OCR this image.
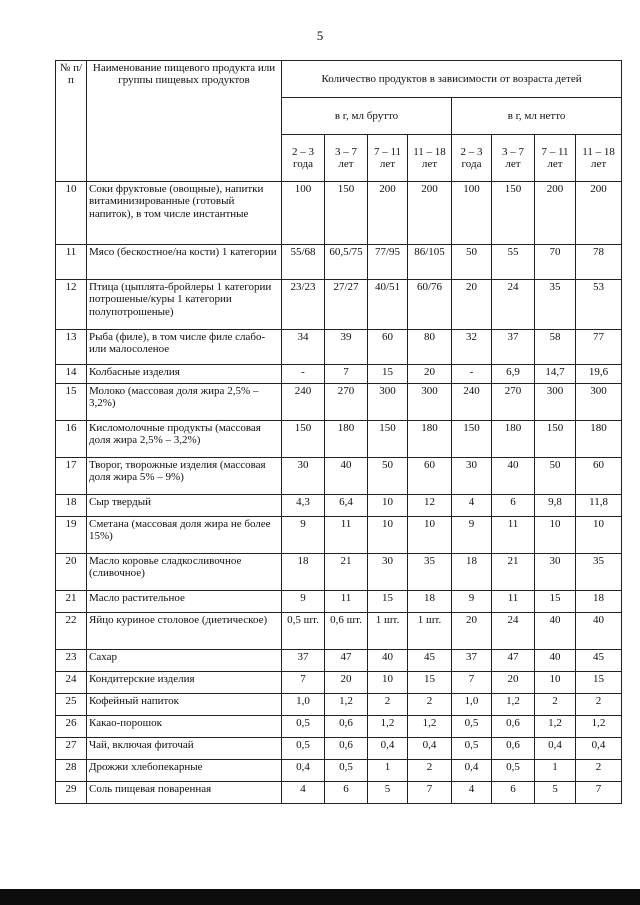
5
№ п/п	Наименование пищевого продукта или группы пищевых продуктов	Количество продуктов в зависимости от возраста детей							
		в г, мл брутто				в г, мл нетто			
		2 – 3 года	3 – 7 лет	7 – 11 лет	11 – 18 лет	2 – 3 года	3 – 7 лет	7 – 11 лет	11 – 18 лет
10	Соки фруктовые (овощные), напитки витаминизированные (готовый напиток), в том числе инстантные	100	150	200	200	100	150	200	200
11	Мясо (бескостное/на кости) 1 категории	55/68	60,5/75	77/95	86/105	50	55	70	78
12	Птица (цыплята-бройлеры 1 категории потрошеные/куры 1 категории полупотрошеные)	23/23	27/27	40/51	60/76	20	24	35	53
13	Рыба (филе), в том числе филе слабо- или малосоленое	34	39	60	80	32	37	58	77
14	Колбасные изделия	-	7	15	20	-	6,9	14,7	19,6
15	Молоко (массовая доля жира 2,5% – 3,2%)	240	270	300	300	240	270	300	300
16	Кисломолочные продукты (массовая доля жира 2,5% – 3,2%)	150	180	150	180	150	180	150	180
17	Творог, творожные изделия (массовая доля жира 5% – 9%)	30	40	50	60	30	40	50	60
18	Сыр твердый	4,3	6,4	10	12	4	6	9,8	11,8
19	Сметана (массовая доля жира не более 15%)	9	11	10	10	9	11	10	10
20	Масло коровье сладкосливочное (сливочное)	18	21	30	35	18	21	30	35
21	Масло растительное	9	11	15	18	9	11	15	18
22	Яйцо куриное столовое (диетическое)	0,5 шт.	0,6 шт.	1 шт.	1 шт.	20	24	40	40
23	Сахар	37	47	40	45	37	47	40	45
24	Кондитерские изделия	7	20	10	15	7	20	10	15
25	Кофейный напиток	1,0	1,2	2	2	1,0	1,2	2	2
26	Какао-порошок	0,5	0,6	1,2	1,2	0,5	0,6	1,2	1,2
27	Чай, включая фиточай	0,5	0,6	0,4	0,4	0,5	0,6	0,4	0,4
28	Дрожжи хлебопекарные	0,4	0,5	1	2	0,4	0,5	1	2
29	Соль пищевая поваренная	4	6	5	7	4	6	5	7
